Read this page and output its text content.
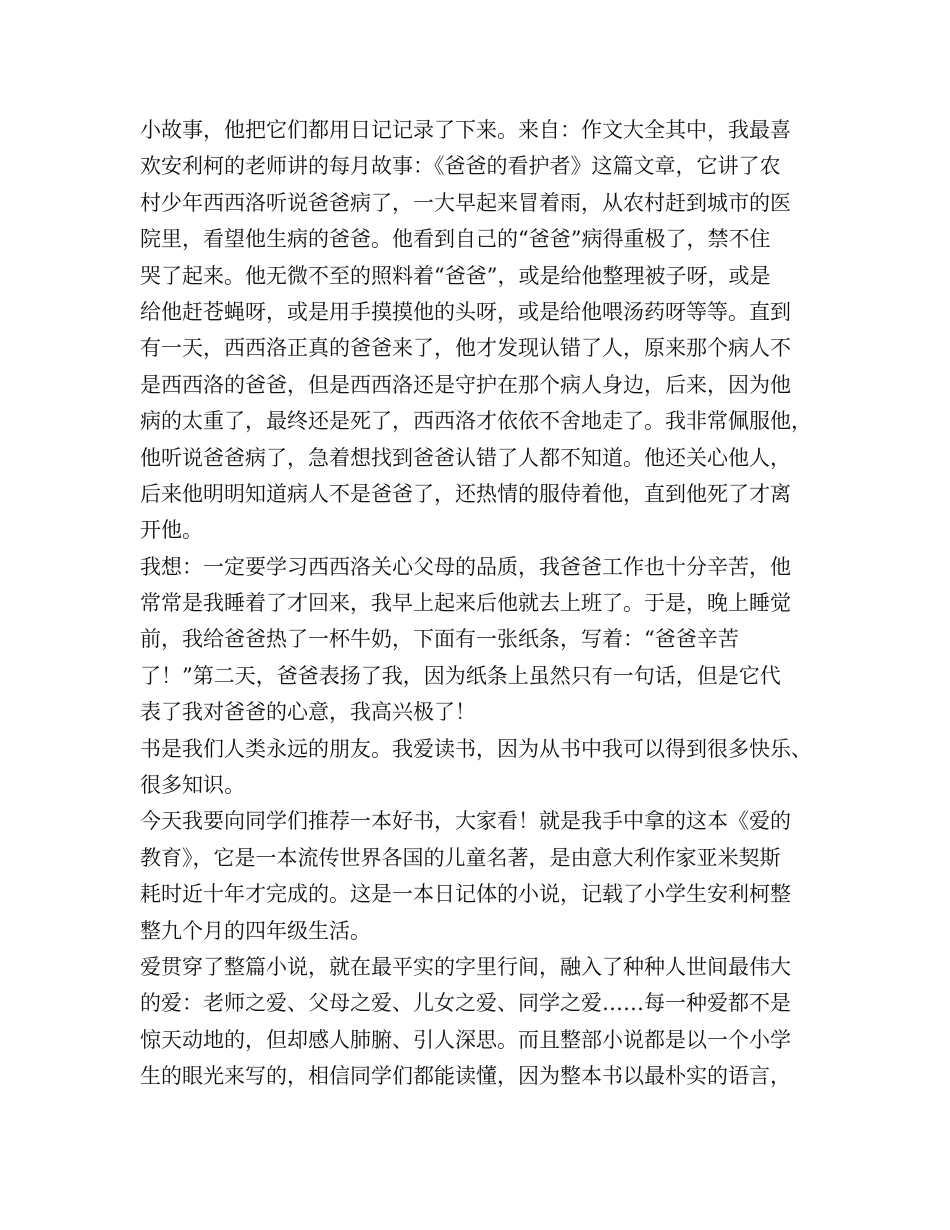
小故事，他把它们都用日记记录了下来。来自：作文大全其中，我最喜
欢安利柯的老师讲的每月故事：《爸爸的看护者》这篇文章，它讲了农
村少年西西洛听说爸爸病了，一大早起来冒着雨，从农村赶到城市的医
院里，看望他生病的爸爸。他看到自己的“爸爸”病得重极了，禁不住
哭了起来。他无微不至的照料着“爸爸”，或是给他整理被子呀，或是
给他赶苍蝇呀，或是用手摸摸他的头呀，或是给他喂汤药呀等等。直到
有一天，西西洛正真的爸爸来了，他才发现认错了人，原来那个病人不
是西西洛的爸爸，但是西西洛还是守护在那个病人身边，后来，因为他
病的太重了，最终还是死了，西西洛才依依不舍地走了。我非常佩服他，
他听说爸爸病了，急着想找到爸爸认错了人都不知道。他还关心他人，
后来他明明知道病人不是爸爸了，还热情的服侍着他，直到他死了才离
开他。
我想：一定要学习西西洛关心父母的品质，我爸爸工作也十分辛苦，他
常常是我睡着了才回来，我早上起来后他就去上班了。于是，晚上睡觉
前，我给爸爸热了一杯牛奶，下面有一张纸条，写着：“爸爸辛苦
了！”第二天，爸爸表扬了我，因为纸条上虽然只有一句话，但是它代
表了我对爸爸的心意，我高兴极了！
书是我们人类永远的朋友。我爱读书，因为从书中我可以得到很多快乐、
很多知识。
今天我要向同学们推荐一本好书，大家看！就是我手中拿的这本《爱的
教育》，它是一本流传世界各国的儿童名著，是由意大利作家亚米契斯
耗时近十年才完成的。这是一本日记体的小说，记载了小学生安利柯整
整九个月的四年级生活。
爱贯穿了整篇小说，就在最平实的字里行间，融入了种种人世间最伟大
的爱：老师之爱、父母之爱、儿女之爱、同学之爱……每一种爱都不是
惊天动地的，但却感人肺腑、引人深思。而且整部小说都是以一个小学
生的眼光来写的，相信同学们都能读懂，因为整本书以最朴实的语言，
